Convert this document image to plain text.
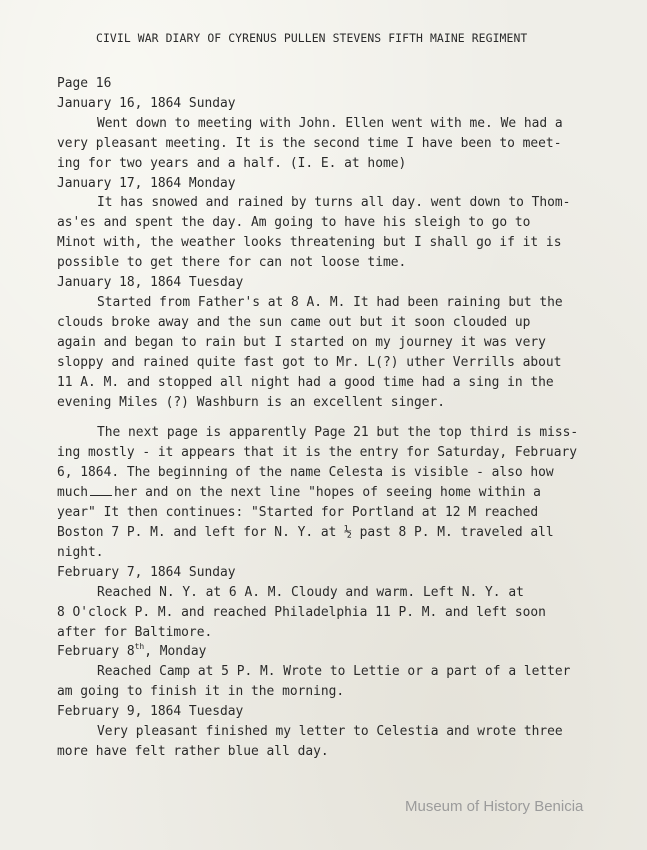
CIVIL WAR DIARY OF CYRENUS PULLEN STEVENS FIFTH MAINE REGIMENT
Page 16
January 16, 1864 Sunday
Went down to meeting with John. Ellen went with me. We had a
very pleasant meeting. It is the second time I have been to meet-
ing for two years and a half. (I. E. at home)
January 17, 1864 Monday
It has snowed and rained by turns all day. went down to Thom-
as'es and spent the day. Am going to have his sleigh to go to
Minot with, the weather looks threatening but I shall go if it is
possible to get there for can not loose time.
January 18, 1864 Tuesday
Started from Father's at 8 A. M. It had been raining but the
clouds broke away and the sun came out but it soon clouded up
again and began to rain but I started on my journey it was very
sloppy and rained quite fast got to Mr. L(?) uther Verrills about
11 A. M. and stopped all night had a good time had a sing in the
evening Miles (?) Washburn is an excellent singer.
The next page is apparently Page 21 but the top third is miss-
ing mostly - it appears that it is the entry for Saturday, February
6, 1864. The beginning of the name Celesta is visible - also how
much her and on the next line "hopes of seeing home within a
year" It then continues: "Started for Portland at 12 M reached
Boston 7 P. M. and left for N. Y. at ½ past 8 P. M. traveled all
night.
February 7, 1864 Sunday
Reached N. Y. at 6 A. M. Cloudy and warm. Left N. Y. at
8 O'clock P. M. and reached Philadelphia 11 P. M. and left soon
after for Baltimore.
February 8th, Monday
Reached Camp at 5 P. M. Wrote to Lettie or a part of a letter
am going to finish it in the morning.
February 9, 1864 Tuesday
Very pleasant finished my letter to Celestia and wrote three
more have felt rather blue all day.
Museum of History Benicia
